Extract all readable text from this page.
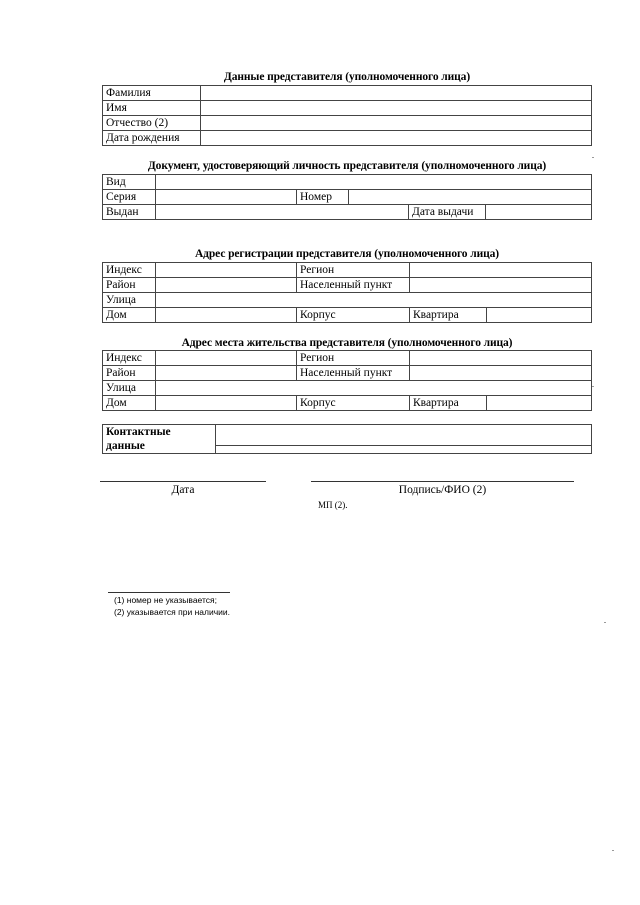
Данные представителя (уполномоченного лица)
Фамилия	
Имя	
Отчество (2)	
Дата рождения	
Документ, удостоверяющий личность представителя (уполномоченного лица)
Вид					
Серия		Номер			
Выдан				Дата выдачи	
Адрес регистрации представителя (уполномоченного лица)
Индекс		Регион		
Район		Населенный пункт		
Улица				
Дом		Корпус	Квартира	
Адрес места жительства представителя (уполномоченного лица)
Индекс		Регион		
Район		Населенный пункт		
Улица				
Дом		Корпус	Квартира	
Контактные
данные	
Дата	Подпись/ФИО (2)
МП (2).
(1) номер не указывается;
(2) указывается при наличии.
